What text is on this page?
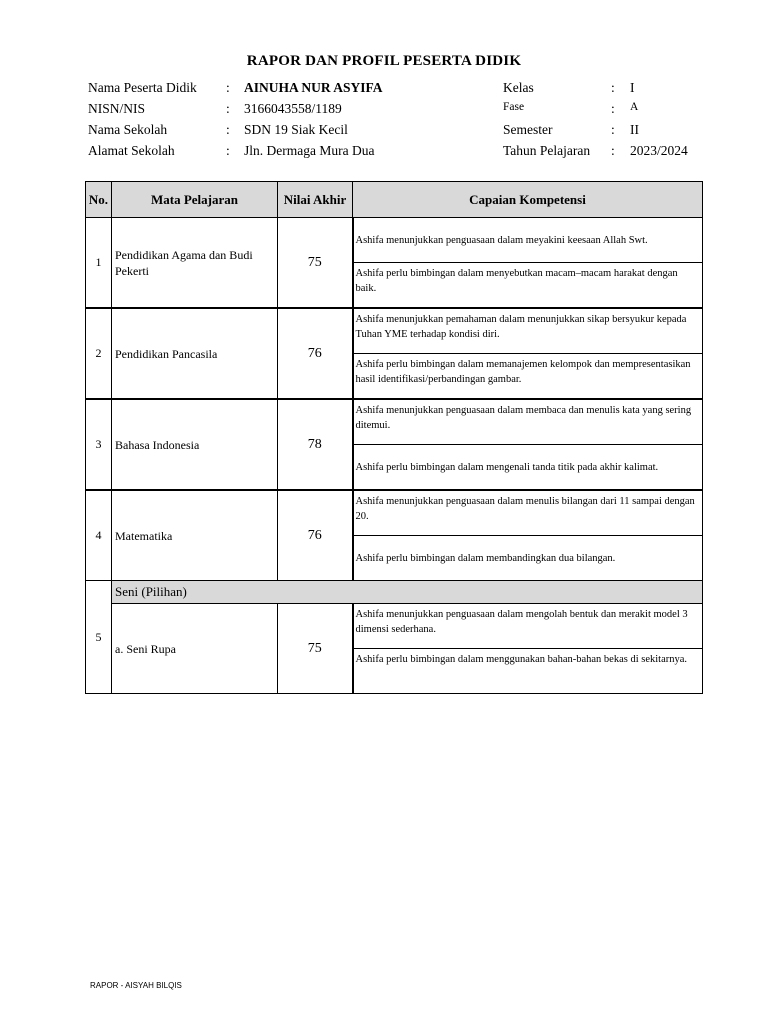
RAPOR DAN PROFIL PESERTA DIDIK
Nama Peserta Didik : AINUHA NUR ASYIFA
NISN/NIS	: 3166043558/1189
Nama Sekolah	: SDN 19 Siak Kecil
Alamat Sekolah	: Jln. Dermaga Mura Dua
Kelas	: I
Fase	: A
Semester	: II
Tahun Pelajaran : 2023/2024
No.	Mata Pelajaran	Nilai Akhir	Capaian Kompetensi
1	Pendidikan Agama dan Budi Pekerti	75	Ashifa menunjukkan penguasaan dalam meyakini keesaan Allah Swt.
			Ashifa perlu bimbingan dalam menyebutkan macam–macam harakat dengan baik.
2	Pendidikan Pancasila	76	Ashifa menunjukkan pemahaman dalam menunjukkan sikap bersyukur kepada Tuhan YME terhadap kondisi diri.
			Ashifa perlu bimbingan dalam memanajemen kelompok dan mempresentasikan hasil identifikasi/perbandingan gambar.
3	Bahasa Indonesia	78	Ashifa menunjukkan penguasaan dalam membaca dan menulis kata yang sering ditemui.
			Ashifa perlu bimbingan dalam mengenali tanda titik pada akhir kalimat.
4	Matematika	76	Ashifa menunjukkan penguasaan dalam menulis bilangan dari 11 sampai dengan 20.
			Ashifa perlu bimbingan dalam membandingkan dua bilangan.
5	Seni (Pilihan)		
	a. Seni Rupa	75	Ashifa menunjukkan penguasaan dalam mengolah bentuk dan merakit model 3 dimensi sederhana.
			Ashifa perlu bimbingan dalam menggunakan bahan-bahan bekas di sekitarnya.
RAPOR - AISYAH BILQIS
